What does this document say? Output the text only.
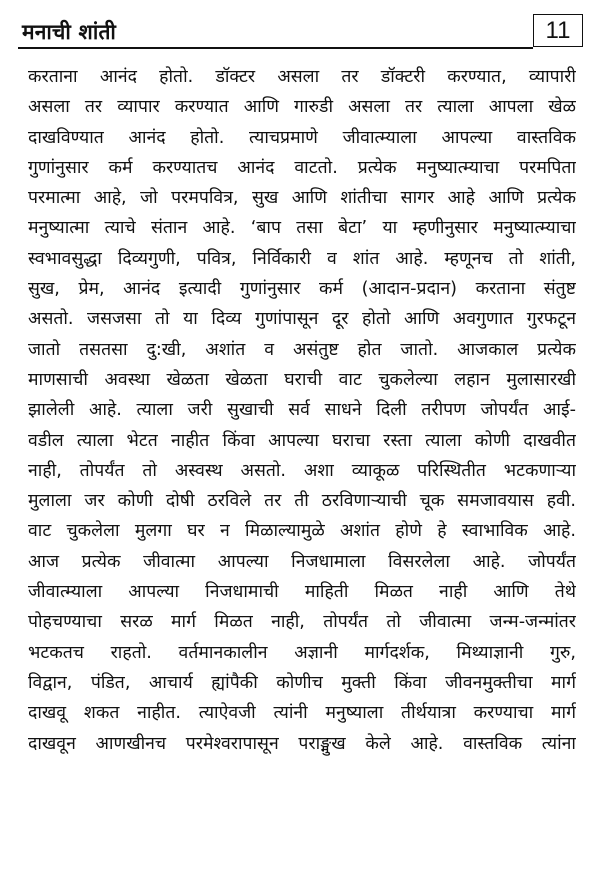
मनाची शांती	11
करताना आनंद होतो. डॉक्टर असला तर डॉक्टरी करण्यात, व्यापारी
असला तर व्यापार करण्यात आणि गारुडी असला तर त्याला आपला खेळ
दाखविण्यात आनंद होतो. त्याचप्रमाणे जीवात्म्याला आपल्या वास्तविक
गुणांनुसार कर्म करण्यातच आनंद वाटतो. प्रत्येक मनुष्यात्म्याचा परमपिता
परमात्मा आहे, जो परमपवित्र, सुख आणि शांतीचा सागर आहे आणि प्रत्येक
मनुष्यात्मा त्याचे संतान आहे. ‘बाप तसा बेटा’ या म्हणीनुसार मनुष्यात्म्याचा
स्वभावसुद्धा दिव्यगुणी, पवित्र, निर्विकारी व शांत आहे. म्हणूनच तो शांती,
सुख, प्रेम, आनंद इत्यादी गुणांनुसार कर्म (आदान-प्रदान) करताना संतुष्ट
असतो. जसजसा तो या दिव्य गुणांपासून दूर होतो आणि अवगुणात गुरफटून
जातो तसतसा दु:खी, अशांत व असंतुष्ट होत जातो. आजकाल प्रत्येक
माणसाची अवस्था खेळता खेळता घराची वाट चुकलेल्या लहान मुलासारखी
झालेली आहे. त्याला जरी सुखाची सर्व साधने दिली तरीपण जोपर्यंत आई-
वडील त्याला भेटत नाहीत किंवा आपल्या घराचा रस्ता त्याला कोणी दाखवीत
नाही, तोपर्यंत तो अस्वस्थ असतो. अशा व्याकूळ परिस्थितीत भटकणाऱ्या
मुलाला जर कोणी दोषी ठरविले तर ती ठरविणाऱ्याची चूक समजावयास हवी.
वाट चुकलेला मुलगा घर न मिळाल्यामुळे अशांत होणे हे स्वाभाविक आहे.
आज प्रत्येक जीवात्मा आपल्या निजधामाला विसरलेला आहे. जोपर्यंत
जीवात्म्याला आपल्या निजधामाची माहिती मिळत नाही आणि तेथे
पोहचण्याचा सरळ मार्ग मिळत नाही, तोपर्यंत तो जीवात्मा जन्म-जन्मांतर
भटकतच राहतो. वर्तमानकालीन अज्ञानी मार्गदर्शक, मिथ्याज्ञानी गुरु,
विद्वान, पंडित, आचार्य ह्यांपैकी कोणीच मुक्ती किंवा जीवनमुक्तीचा मार्ग
दाखवू शकत नाहीत. त्याऐवजी त्यांनी मनुष्याला तीर्थयात्रा करण्याचा मार्ग
दाखवून आणखीनच परमेश्वरापासून पराङ्मुख केले आहे. वास्तविक त्यांना
